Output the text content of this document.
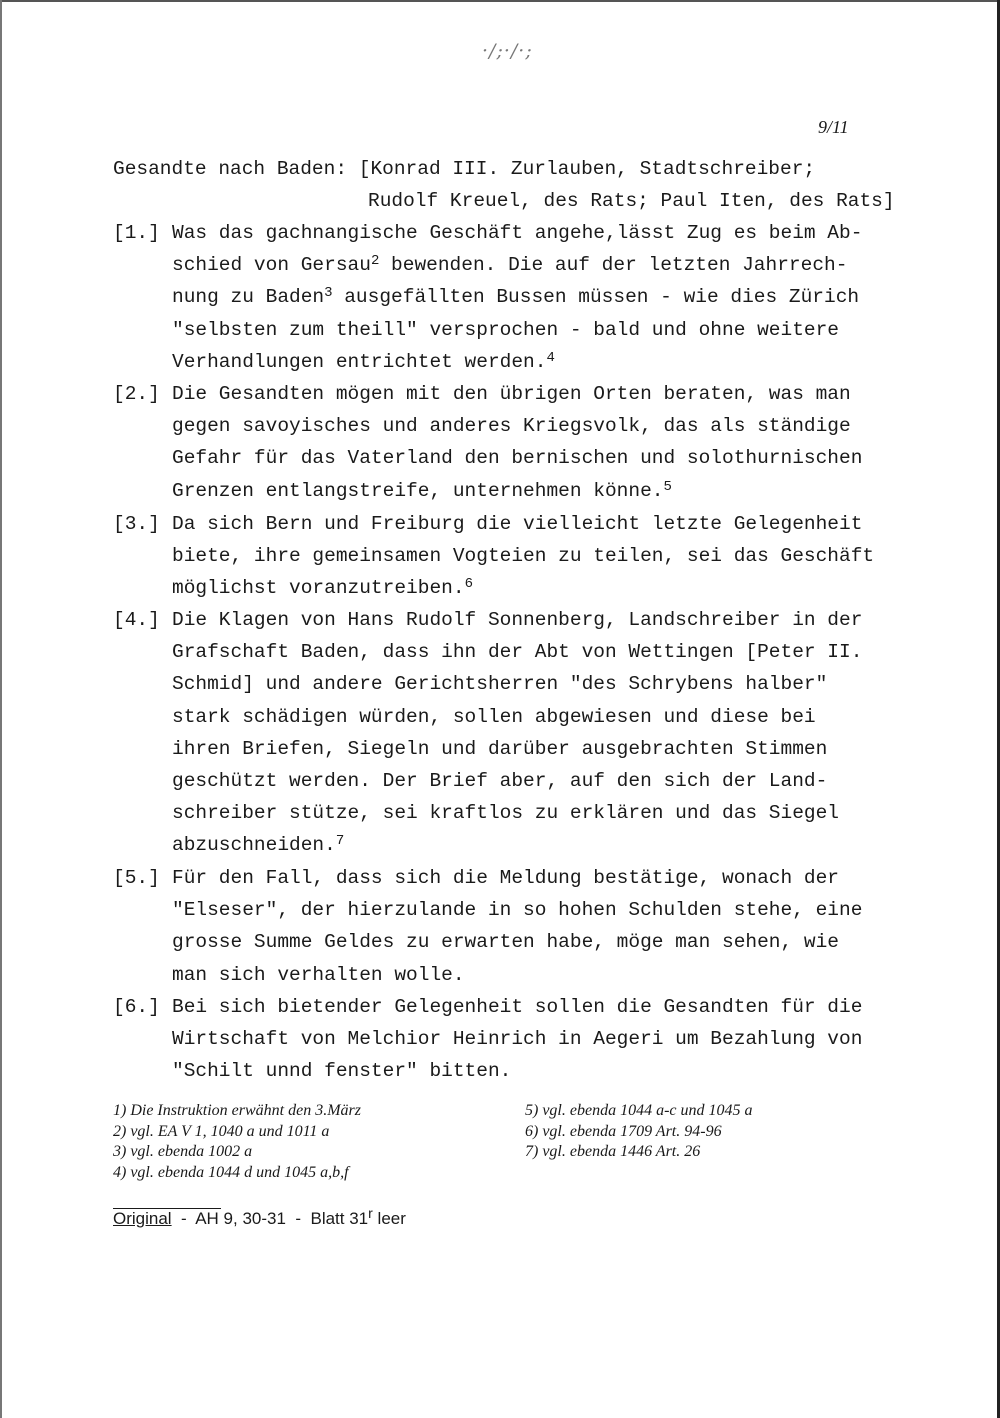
·/;·/·;
9/11
Gesandte nach Baden: [Konrad III. Zurlauben, Stadtschreiber;
Rudolf Kreuel, des Rats; Paul Iten, des Rats]
[1.] Was das gachnangische Geschäft angehe,lässt Zug es beim Ab-
schied von Gersau$^2$ bewenden. Die auf der letzten Jahrrech-
nung zu Baden$^3$ ausgefällten Bussen müssen - wie dies Zürich
"selbsten zum theill" versprochen - bald und ohne weitere
Verhandlungen entrichtet werden.$^4$
[2.] Die Gesandten mögen mit den übrigen Orten beraten, was man
gegen savoyisches und anderes Kriegsvolk, das als ständige
Gefahr für das Vaterland den bernischen und solothurnischen
Grenzen entlangstreife, unternehmen könne.$^5$
[3.] Da sich Bern und Freiburg die vielleicht letzte Gelegenheit
biete, ihre gemeinsamen Vogteien zu teilen, sei das Geschäft
möglichst voranzutreiben.$^6$
[4.] Die Klagen von Hans Rudolf Sonnenberg, Landschreiber in der
Grafschaft Baden, dass ihn der Abt von Wettingen [Peter II.
Schmid] und andere Gerichtsherren "des Schrybens halber"
stark schädigen würden, sollen abgewiesen und diese bei
ihren Briefen, Siegeln und darüber ausgebrachten Stimmen
geschützt werden. Der Brief aber, auf den sich der Land-
schreiber stütze, sei kraftlos zu erklären und das Siegel
abzuschneiden.$^7$
[5.] Für den Fall, dass sich die Meldung bestätige, wonach der
"Elseser", der hierzulande in so hohen Schulden stehe, eine
grosse Summe Geldes zu erwarten habe, möge man sehen, wie
man sich verhalten wolle.
[6.] Bei sich bietender Gelegenheit sollen die Gesandten für die
Wirtschaft von Melchior Heinrich in Aegeri um Bezahlung von
"Schilt unnd fenster" bitten.
1) Die Instruktion erwähnt den 3.März
2) vgl. EA V 1, 1040 a und 1011 a
3) vgl. ebenda 1002 a
4) vgl. ebenda 1044 d und 1045 a,b,f
5) vgl. ebenda 1044 a-c und 1045 a
6) vgl. ebenda 1709 Art. 94-96
7) vgl. ebenda 1446 Art. 26
Original  -  AH 9, 30-31  -  Blatt 31$^r$ leer
